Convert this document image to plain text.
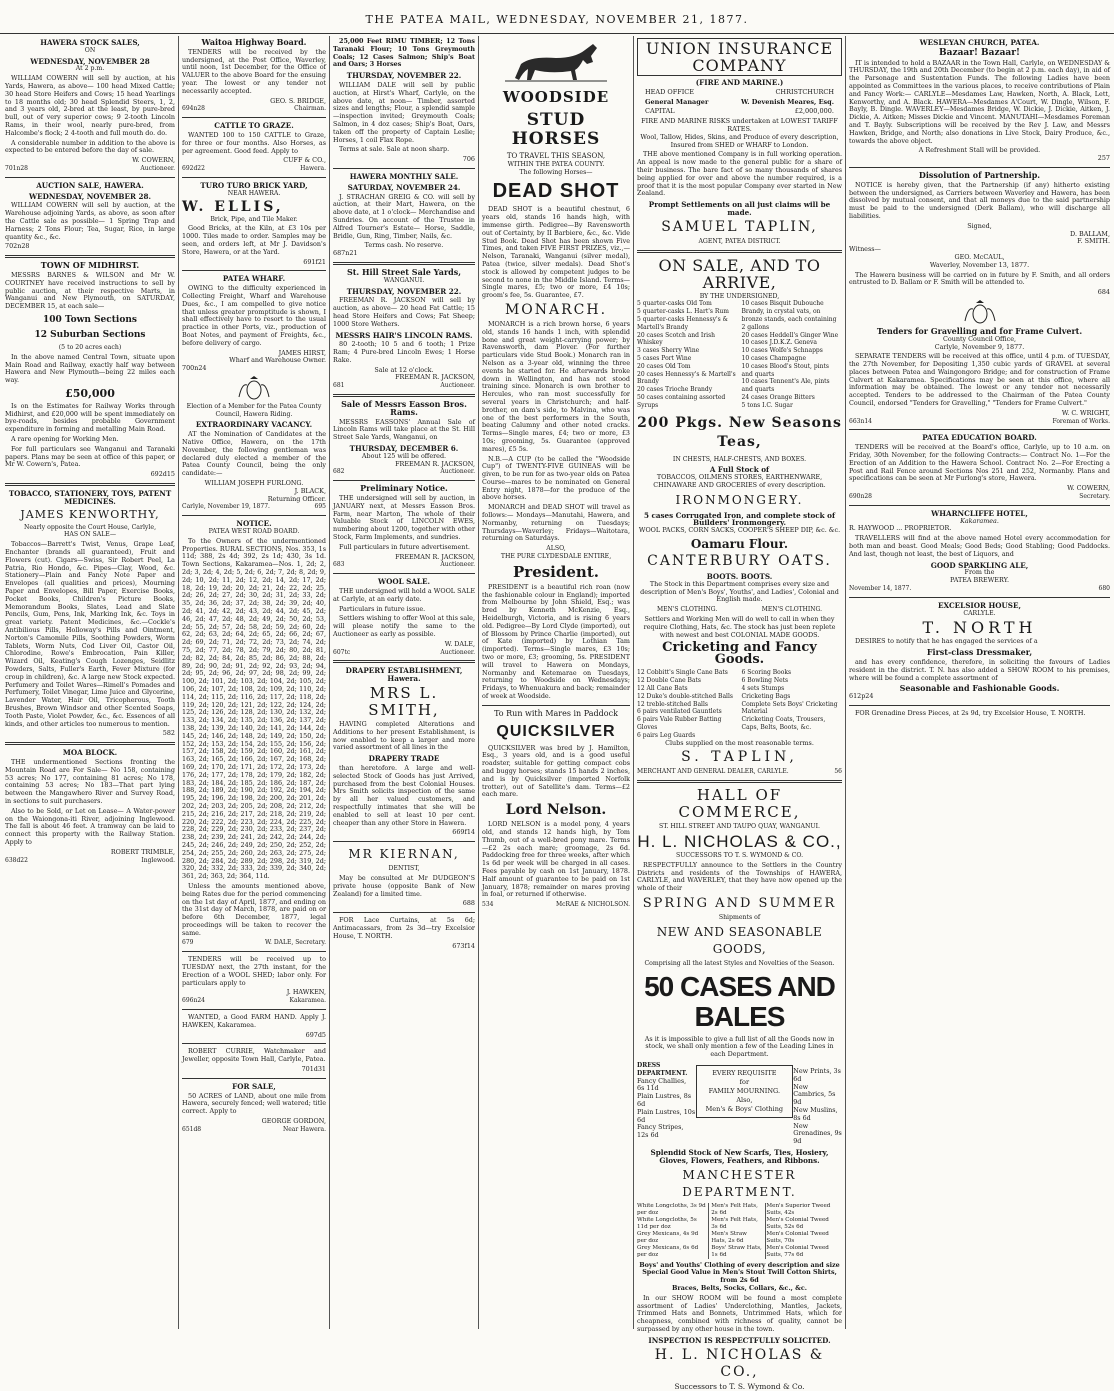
THE PATEA MAIL, WEDNESDAY, NOVEMBER 21, 1877.
HAWERA STOCK SALES,
ON
WEDNESDAY, NOVEMBER 28
At 2 p.m.
WILLIAM COWERN will sell by auction, at his Yards, Hawera, as above— 100 head Mixed Cattle; 30 head Store Heifers and Cows; 15 head Yearlings to 18 months old; 30 head Splendid Steers, 1, 2, and 3 years old, 2-bred at the least, by pure-bred bull, out of very superior cows; 9 2-tooth Lincoln Rams, in their wool, nearly pure-bred, from Halcombe's flock; 2 4-tooth and full mouth do. do.
A considerable number in addition to the above is expected to be entered before the day of sale.
W. COWERN,
701n28	Auctioneer.
AUCTION SALE, HAWERA.
WEDNESDAY, NOVEMBER 28.
WILLIAM COWERN will sell by auction, at the Warehouse adjoining Yards, as above, as soon after the Cattle sale as possible— 1 Spring Trap and Harness; 2 Tons Flour; Tea, Sugar, Rice, in large quantity &c., &c.
702n28
TOWN OF MIDHIRST.
MESSRS BARNES & WILSON and Mr W. COURTNEY have received instructions to sell by public auction, at their respective Marts, in Wanganui and New Plymouth, on SATURDAY, DECEMBER 15, at each sale—
100 Town Sections
12 Suburban Sections
(5 to 20 acres each)
In the above named Central Town, situate upon Main Road and Railway, exactly half way between Hawera and New Plymouth—being 22 miles each way.
£50,000
Is on the Estimates for Railway Works through Midhirst, and £20,000 will be spent immediately on bye-roads, besides probable Government expenditure in forming and metalling Main Road.
A rare opening for Working Men.
For full particulars see Wanganui and Taranaki papers. Plans may be seen at office of this paper, or Mr W. Cowern's, Patea.
692d15
TOBACCO, STATIONERY, TOYS, PATENT MEDICINES.
JAMES KENWORTHY,
Nearly opposite the Court House, Carlyle,
HAS ON SALE—
Tobaccos—Barrett's Twist, Venus, Grape Leaf, Enchanter (brands all guaranteed), Fruit and Flowers (cut). Cigars—Swiss, Sir Robert Peel, La Patria, Rio Hondo, &c. Pipes—Clay, Wood, &c. Stationery—Plain and Fancy Note Paper and Envelopes (all qualities and prices), Mourning Paper and Envelopes, Bill Paper, Exercise Books, Pocket Books, Children's Picture Books, Memorandum Books, Slates, Lead and Slate Pencils, Gum, Pens, Ink, Marking Ink, &c. Toys in great variety. Patent Medicines, &c.—Cockle's Antibilious Pills, Holloway's Pills and Ointment, Norton's Camomile Pills, Soothing Powders, Worm Tablets, Worm Nuts, Cod Liver Oil, Castor Oil, Chlorodine, Rowe's Embrocation, Pain Killer, Wizard Oil, Keating's Cough Lozenges, Seidlitz Powders, Salts, Fuller's Earth, Fever Mixture (for croup in children), &c. A large new Stock expected. Perfumery and Toilet Wares—Rimell's Pomades and Perfumery, Toilet Vinegar, Lime Juice and Glycerine, Lavender Water, Hair Oil, Tricopherous, Tooth Brushes, Brown Windsor and other Scented Soaps, Tooth Paste, Violet Powder, &c., &c. Essences of all kinds, and other articles too numerous to mention.
582
MOA BLOCK.
THE undermentioned Sections fronting the Mountain Road are For Sale— No 158, containing 53 acres; No 177, containing 81 acres; No 178, containing 53 acres; No 183—That part lying between the Mangawhero River and Survey Road, in sections to suit purchasers.
Also to be Sold, or Let on Lease— A Water-power on the Waiongona-iti River, adjoining Inglewood. The fall is about 46 feet. A tramway can be laid to connect this property with the Railway Station. Apply to
ROBERT TRIMBLE,
638d22	Inglewood.
Waitoa Highway Board.
TENDERS will be received by the undersigned, at the Post Office, Waverley, until noon, 1st December, for the Office of VALUER to the above Board for the ensuing year. The lowest or any tender not necessarily accepted.
GEO. S. BRIDGE,
694n28	Chairman.
CATTLE TO GRAZE.
WANTED 100 to 150 CATTLE to Graze, for three or four months. Also Horses, as per agreement. Good feed. Apply to
CUFF & CO.,
692d22	Hawera.
TURO TURO BRICK YARD,
NEAR HAWERA.
W. ELLIS,
Brick, Pipe, and Tile Maker.
Good Bricks, at the Kiln, at £3 10s per 1000. Tiles made to order. Samples may be seen, and orders left, at Mr J. Davidson's Store, Hawera, or at the Yard.
691f21
PATEA WHARF.
OWING to the difficulty experienced in Collecting Freight, Wharf and Warehouse Dues, &c., I am compelled to give notice that unless greater promptitude is shown, I shall effectively have to resort to the usual practice in other Ports, viz., production of Boat Notes, and payment of Freights, &c., before delivery of cargo.
JAMES HIRST,
Wharf and Warehouse Owner.
700n24
Election of a Member for the Patea County Council, Hawera Riding.
EXTRAORDINARY VACANCY.
AT the Nomination of Candidates at the Native Office, Hawera, on the 17th November, the following gentleman was declared duly elected a member of the Patea County Council, being the only candidate:—
WILLIAM JOSEPH FURLONG.
J. BLACK,
Returning Officer.
Carlyle, November 19, 1877.	695
NOTICE.
PATEA WEST ROAD BOARD.
To the Owners of the undermentioned Properties. RURAL SECTIONS, Nos. 353, 1s 11d; 388, 2s 4d; 392, 2s 1d; 430, 3s 1d. Town Sections, Kakaramea—Nos. 1, 2d; 2, 2d; 3, 2d; 4, 2d; 5, 2d; 6, 2d; 7, 2d; 8, 2d; 9, 2d; 10, 2d; 11, 2d; 12, 2d; 14, 2d; 17, 2d; 18, 2d; 19, 2d; 20, 2d; 21, 2d; 22, 2d; 25, 2d; 26, 2d; 27, 2d; 30, 2d; 31, 2d; 33, 2d; 35, 2d; 36, 2d; 37, 2d; 38, 2d; 39, 2d; 40, 2d; 41, 2d; 42, 2d; 43, 2d; 44, 2d; 45, 2d; 46, 2d; 47, 2d; 48, 2d; 49, 2d; 50, 2d; 53, 2d; 55, 2d; 57, 2d; 58, 2d; 59, 2d; 60, 2d; 62, 2d; 63, 2d; 64, 2d; 65, 2d; 66, 2d; 67, 2d; 69, 2d; 71, 2d; 72, 2d; 73, 2d; 74, 2d; 75, 2d; 77, 2d; 78, 2d; 79, 2d; 80, 2d; 81, 2d; 82, 2d; 84, 2d; 85, 2d; 86, 2d; 88, 2d; 89, 2d; 90, 2d; 91, 2d; 92, 2d; 93, 2d; 94, 2d; 95, 2d; 96, 2d; 97, 2d; 98, 2d; 99, 2d; 100, 2d; 101, 2d; 103, 2d; 104, 2d; 105, 2d; 106, 2d; 107, 2d; 108, 2d; 109, 2d; 110, 2d; 114, 2d; 115, 2d; 116, 2d; 117, 2d; 118, 2d; 119, 2d; 120, 2d; 121, 2d; 122, 2d; 124, 2d; 125, 2d; 126, 2d; 128, 2d; 130, 2d; 132, 2d; 133, 2d; 134, 2d; 135, 2d; 136, 2d; 137, 2d; 138, 2d; 139, 2d; 140, 2d; 141, 2d; 144, 2d; 145, 2d; 146, 2d; 148, 2d; 149, 2d; 150, 2d; 152, 2d; 153, 2d; 154, 2d; 155, 2d; 156, 2d; 157, 2d; 158, 2d; 159, 2d; 160, 2d; 161, 2d; 163, 2d; 165, 2d; 166, 2d; 167, 2d; 168, 2d; 169, 2d; 170, 2d; 171, 2d; 172, 2d; 173, 2d; 176, 2d; 177, 2d; 178, 2d; 179, 2d; 182, 2d; 183, 2d; 184, 2d; 185, 2d; 186, 2d; 187, 2d; 188, 2d; 189, 2d; 190, 2d; 192, 2d; 194, 2d; 195, 2d; 196, 2d; 198, 2d; 200, 2d; 201, 2d; 202, 2d; 203, 2d; 205, 2d; 208, 2d; 212, 2d; 215, 2d; 216, 2d; 217, 2d; 218, 2d; 219, 2d; 220, 2d; 222, 2d; 223, 2d; 224, 2d; 225, 2d; 228, 2d; 229, 2d; 230, 2d; 233, 2d; 237, 2d; 238, 2d; 239, 2d; 241, 2d; 242, 2d; 244, 2d; 245, 2d; 246, 2d; 249, 2d; 250, 2d; 252, 2d; 254, 2d; 255, 2d; 260, 2d; 263, 2d; 275, 2d; 280, 2d; 284, 2d; 289, 2d; 298, 2d; 319, 2d; 320, 2d; 332, 2d; 333, 2d; 339, 2d; 340, 2d; 361, 2d; 363, 2d; 364, 11d.
Unless the amounts mentioned above, being Rates due for the period commencing on the 1st day of April, 1877, and ending on the 31st day of March, 1878, are paid on or before 6th December, 1877, legal proceedings will be taken to recover the same.
679	W. DALE, Secretary.
TENDERS will be received up to TUESDAY next, the 27th instant, for the Erection of a WOOL SHED; labor only. For particulars apply to
J. HAWKEN,
696n24	Kakaramea.
WANTED, a Good FARM HAND. Apply J. HAWKEN, Kakaramea.
697d5
ROBERT CURRIE, Watchmaker and Jeweller, opposite Town Hall, Carlyle, Patea.
701d31
FOR SALE,
50 ACRES of LAND, about one mile from Hawera, securely fenced; well watered; title correct. Apply to
GEORGE GORDON,
651d8	Near Hawera.
25,000 Feet RIMU TIMBER; 12 Tons Taranaki Flour; 10 Tons Greymouth Coals; 12 Cases Salmon; Ship's Boat and Oars; 3 Horses
THURSDAY, NOVEMBER 22.
WILLIAM DALE will sell by public auction, at Hirst's Wharf, Carlyle, on the above date, at noon— Timber, assorted sizes and lengths; Flour, a splendid sample—inspection invited; Greymouth Coals; Salmon, in 4 doz cases; Ship's Boat, Oars, taken off the property of Captain Leslie; Horses, 1 coil Flax Rope.
Terms at sale. Sale at noon sharp.
706
HAWERA MONTHLY SALE.
SATURDAY, NOVEMBER 24.
J. STRACHAN GREIG & CO. will sell by auction, at their Mart, Hawera, on the above date, at 1 o'clock— Merchandise and Sundries. On account of the Trustee in Alfred Tourner's Estate— Horse, Saddle, Bridle, Gun, Ring, Timber, Nails, &c.
Terms cash. No reserve.
687n21
St. Hill Street Sale Yards,
WANGANUI.
THURSDAY, NOVEMBER 22.
FREEMAN R. JACKSON will sell by auction, as above— 20 head Fat Cattle; 15 head Store Heifers and Cows; Fat Sheep; 1000 Store Wethers.
MESSRS HAIR'S LINCOLN RAMS.
80 2-tooth; 10 5 and 6 tooth; 1 Prize Ram; 4 Pure-bred Lincoln Ewes; 1 Horse Rake.
Sale at 12 o'clock.
FREEMAN R. JACKSON,
681	Auctioneer.
Sale of Messrs Easson Bros. Rams.
MESSRS EASSONS' Annual Sale of Lincoln Rams will take place at the St. Hill Street Sale Yards, Wanganui, on
THURSDAY, DECEMBER 6.
About 125 will be offered.
FREEMAN R. JACKSON,
682	Auctioneer.
Preliminary Notice.
THE undersigned will sell by auction, in JANUARY next, at Messrs Easson Bros. Farm, near Marton, The whole of their Valuable Stock of LINCOLN EWES, numbering about 1200, together with other Stock, Farm Implements, and sundries.
Full particulars in future advertisement.
FREEMAN R. JACKSON,
683	Auctioneer.
WOOL SALE.
THE undersigned will hold a WOOL SALE at Carlyle, at an early date.
Particulars in future issue.
Settlers wishing to offer Wool at this sale, will please notify the same to the Auctioneer as early as possible.
W. DALE,
607tc	Auctioneer.
DRAPERY ESTABLISHMENT, Hawera.
MRS L. SMITH,
HAVING completed Alterations and Additions to her present Establishment, is now enabled to keep a larger and more varied assortment of all lines in the
DRAPERY TRADE
than heretofore. A large and well-selected Stock of Goods has just Arrived, purchased from the best Colonial Houses. Mrs Smith solicits inspection of the same by all her valued customers, and respectfully intimates that she will be enabled to sell at least 10 per cent. cheaper than any other Store in Hawera.
669f14
MR KIERNAN,
DENTIST,
May be consulted at Mr DUDGEON'S private house (opposite Bank of New Zealand) for a limited time.
688
FOR Lace Curtains, at 5s 6d; Antimacassars, from 2s 3d—try Excelsior House, T. NORTH.
673f14
WOODSIDE
STUD HORSES
TO TRAVEL THIS SEASON,
WITHIN THE PATEA COUNTY.
The following Horses—
DEAD SHOT
DEAD SHOT is a beautiful chestnut, 6 years old, stands 16 hands high, with immense girth. Pedigree—By Ravensworth out of Certainty, by II Barbiere, &c., &c. Vide Stud Book. Dead Shot has been shown Five Times, and taken FIVE FIRST PRIZES, viz.,—Nelson, Taranaki, Wanganui (silver medal), Patea (twice, silver medals). Dead Shot's stock is allowed by competent judges to be second to none in the Middle Island. Terms—Single mares, £5; two or more, £4 10s; groom's fee, 5s. Guarantee, £7.
MONARCH.
MONARCH is a rich brown horse, 6 years old, stands 16 hands 1 inch, with splendid bone and great weight-carrying power; by Ravensworth, dam Plover. (For further particulars vide Stud Book.) Monarch ran in Nelson as a 3-year old, winning the three events he started for. He afterwards broke down in Wellington, and has not stood training since. Monarch is own brother to Hercules, who ran most successfully for several years in Christchurch; and half-brother, on dam's side, to Malvina, who was one of the best performers in the South, beating Calumny and other noted cracks. Terms—Single mares, £4; two or more, £3 10s; grooming, 5s. Guarantee (approved mares), £5 5s.
N.B.—A CUP (to be called the "Woodside Cup") of TWENTY-FIVE GUINEAS will be given, to be run for as two-year olds on Patea Course—mares to be nominated on General Entry night, 1878—for the produce of the above horses.
MONARCH and DEAD SHOT will travel as follows:— Mondays—Manutahi, Hawera, and Normanby, returning on Tuesdays; Thursdays—Waverley; Fridays—Waitotara, returning on Saturdays.
ALSO,
THE PURE CLYDESDALE ENTIRE,
President.
PRESIDENT is a beautiful rich roan (now the fashionable colour in England); imported from Melbourne by John Shield, Esq.; was bred by Kenneth McKenzie, Esq., Heidelburgh, Victoria, and is rising 6 years old. Pedigree—By Lord Clyde (imported), out of Blossom by Prince Charlie (imported), out of Kate (imported) by Lothian Tam (imported). Terms—Single mares, £3 10s; two or more, £3; grooming, 5s. PRESIDENT will travel to Hawera on Mondays, Normanby and Ketemarae on Tuesdays, returning to Woodside on Wednesdays; Fridays, to Whenuakura and back; remainder of week at Woodside.
To Run with Mares in Paddock
QUICKSILVER
QUICKSILVER was bred by J. Hamilton, Esq., 3 years old, and is a good useful roadster, suitable for getting compact cobs and buggy horses; stands 15 hands 2 inches, and is by Quicksilver (imported Norfolk trotter), out of Satellite's dam. Terms—£2 each mare.
Lord Nelson.
LORD NELSON is a model pony, 4 years old, and stands 12 hands high, by Tom Thumb, out of a well-bred pony mare. Terms—£2 2s each mare; groomage, 2s 6d. Paddocking free for three weeks, after which 1s 6d per week will be charged in all cases. Fees payable by cash on 1st January, 1878. Half amount of guarantee to be paid on 1st January, 1878; remainder on mares proving in foal, or returned if otherwise.
534	McRAE & NICHOLSON.
UNION INSURANCE COMPANY
(FIRE AND MARINE.)
HEAD OFFICE	CHRISTCHURCH
General Manager	W. Devenish Meares, Esq.
CAPITAL	£2,000,000.
FIRE AND MARINE RISKS undertaken at LOWEST TARIFF RATES.
Wool, Tallow, Hides, Skins, and Produce of every description, Insured from SHED or WHARF to London.
THE above mentioned Company is in full working operation. An appeal is now made to the general public for a share of their business. The bare fact of so many thousands of shares being applied for over and above the number required, is a proof that it is the most popular Company ever started in New Zealand.
Prompt Settlements on all just claims will be made.
SAMUEL TAPLIN,
AGENT, PATEA DISTRICT.
ON SALE, AND TO ARRIVE,
BY THE UNDERSIGNED,
5 quarter-casks Old Tom
5 quarter-casks L. Hart's Rum
5 quarter-casks Hennessy's & Martell's Brandy
20 cases Scotch and Irish Whiskey
3 cases Sherry Wine
5 cases Port Wine
20 cases Old Tom
20 cases Hennessy's & Martell's Brandy
20 cases Trioche Brandy
50 cases containing assorted Syrups
10 cases Bisquit Dubouche Brandy, in crystal vats, on bronze stands, each containing 2 gallons
20 cases Heddell's Ginger Wine
10 cases J.D.K.Z. Geneva
10 cases Wolfe's Schnapps
10 cases Champagne
10 cases Blood's Stout, pints and quarts
10 cases Tennent's Ale, pints and quarts
24 cases Orange Bitters
5 tons I.C. Sugar
200 Pkgs. New Seasons Teas,
IN CHESTS, HALF-CHESTS, AND BOXES.
A Full Stock of
TOBACCOS, OILMENS STORES, EARTHENWARE, CHINAWARE AND GROCERIES of every description.
IRONMONGERY.
5 cases Corrugated Iron, and complete stock of Builders' Ironmongery.
WOOL PACKS, CORN SACKS, COOPER'S SHEEP DIP, &c. &c.
Oamaru Flour.
CANTERBURY OATS.
BOOTS. BOOTS.
The Stock in this Department comprises every size and description of Men's Boys', Youths', and Ladies', Colonial and English made.
MEN'S CLOTHING.	MEN'S CLOTHING.
Settlers and Working Men will do well to call in when they require Clothing, Hats, &c. The stock has just been replete with newest and best COLONIAL MADE GOODS.
Cricketing and Fancy Goods.
12 Cobbitt's Single Cane Bats
12 Double Cane Bats
12 All Cane Bats
12 Duke's double-stitched Balls
12 treble-stitched Balls
6 pairs ventilated Gauntlets
6 pairs Vale Rubber Batting Gloves
6 pairs Leg Guards
6 Scoring Books
6 Bowling Nets
4 sets Stumps
Cricketing Bags
Complete Sets Boys' Cricketing Material
Cricketing Coats, Trousers, Caps, Belts, Boots, &c.
Clubs supplied on the most reasonable terms.
S. TAPLIN,
MERCHANT AND GENERAL DEALER, CARLYLE.	56
HALL OF COMMERCE,
ST. HILL STREET AND TAUPO QUAY, WANGANUI.
H. L. NICHOLAS & CO.,
SUCCESSORS TO T. S. WYMOND & CO.
RESPECTFULLY announce to the Settlers in the Country Districts and residents of the Townships of HAWERA, CARLYLE, and WAVERLEY, that they have now opened up the whole of their
SPRING AND SUMMER
Shipments of
NEW AND SEASONABLE GOODS,
Comprising all the latest Styles and Novelties of the Season.
50 CASES AND BALES
As it is impossible to give a full list of all the Goods now in stock, we shall only mention a few of the Leading Lines in each Department.
DRESS DEPARTMENT.
Fancy Challies, 6s 11d
Plain Lustres, 8s 6d
Plain Lustres, 10s 6d
Fancy Stripes, 12s 6d
EVERY REQUISITE
for
FAMILY MOURNING.
Also,
Men's & Boys' Clothing
New Prints, 3s 6d
New Cambrics, 5s 9d
New Muslins, 8s 6d
New Grenadines, 9s 9d
Splendid Stock of New Scarfs, Ties, Hosiery, Gloves, Flowers, Feathers, and Ribbons.
MANCHESTER DEPARTMENT.
White Longcloths, 3s 9d per doz
White Longcloths, 5s 11d per doz
Grey Mexicans, 4s 9d per doz
Grey Mexicans, 6s 6d per doz
Men's Felt Hats, 2s 6d
Men's Felt Hats, 3s 6d
Men's Straw Hats, 2s 6d
Boys' Straw Hats, 1s 6d
Men's Superior Tweed Suits, 42s
Men's Colonial Tweed Suits, 52s 6d
Men's Colonial Tweed Suits, 70s
Men's Colonial Tweed Suits, 77s 6d
Boys' and Youths' Clothing of every description and size
Special Good Value in Men's Stout Twill Cotton Shirts, from 2s 6d
Braces, Belts, Socks, Collars, &c., &c.
In our SHOW ROOM will be found a most complete assortment of Ladies' Underclothing, Mantles, Jackets, Trimmed Hats and Bonnets, Untrimmed Hats, which for cheapness, combined with richness of quality, cannot be surpassed by any other house in the town.
INSPECTION IS RESPECTFULLY SOLICITED.
H. L. NICHOLAS & CO.,
Successors to T. S. Wymond & Co.
WESLEYAN CHURCH, PATEA.
Bazaar! Bazaar!
IT is intended to hold a BAZAAR in the Town Hall, Carlyle, on WEDNESDAY & THURSDAY, the 19th and 20th December (to begin at 2 p.m. each day), in aid of the Parsonage and Sustentation Funds. The following Ladies have been appointed as Committees in the various places, to receive contributions of Plain and Fancy Work:— CARLYLE—Mesdames Law, Hawken, North, A. Black, Lett, Kenworthy, and A. Black. HAWERA—Mesdames A'Court, W. Dingle, Wilson, F. Bayly, B. Dingle. WAVERLEY—Mesdames Bridge, W. Dickie, J. Dickie, Aitken, J. Dickie, A. Aitken; Misses Dickie and Vincent. MANUTAHI—Mesdames Foreman and T. Bayly. Subscriptions will be received by the Rev J. Law, and Messrs Hawken, Bridge, and North; also donations in Live Stock, Dairy Produce, &c., towards the above object.
A Refreshment Stall will be provided.
257
Dissolution of Partnership.
NOTICE is hereby given, that the Partnership (if any) hitherto existing between the undersigned, as Carriers between Waverley and Hawera, has been dissolved by mutual consent, and that all moneys due to the said partnership must be paid to the undersigned (Derk Ballam), who will discharge all liabilities.
Signed,
D. BALLAM,
F. SMITH.
Witness—
GEO. McCAUL,
Waverley, November 13, 1877.
The Hawera business will be carried on in future by F. Smith, and all orders entrusted to D. Ballam or F. Smith will be attended to.
684
Tenders for Gravelling and for Frame Culvert.
County Council Office,
Carlyle, November 9, 1877.
SEPARATE TENDERS will be received at this office, until 4 p.m. of TUESDAY, the 27th November, for Depositing 1,350 cubic yards of GRAVEL at several places between Patea and Waingongoro Bridge; and for construction of Frame Culvert at Kakaramea. Specifications may be seen at this office, where all information may be obtained. The lowest or any tender not necessarily accepted. Tenders to be addressed to the Chairman of the Patea County Council, endorsed "Tenders for Gravelling," "Tenders for Frame Culvert."
W. C. WRIGHT,
663n14	Foreman of Works.
PATEA EDUCATION BOARD.
TENDERS will be received at the Board's office, Carlyle, up to 10 a.m. on Friday, 30th November, for the following Contracts:— Contract No. 1—For the Erection of an Addition to the Hawera School. Contract No. 2—For Erecting a Post and Rail Fence around Sections Nos 251 and 252, Normanby. Plans and specifications can be seen at Mr Furlong's store, Hawera.
W. COWERN,
690n28	Secretary.
WHARNCLIFFE HOTEL,
Kakaramea.
R. HAYWOOD ... PROPRIETOR.
TRAVELLERS will find at the above named Hotel every accommodation for both man and beast. Good Meals; Good Beds; Good Stabling; Good Paddocks. And last, though not least, the best of Liquors, and
GOOD SPARKLING ALE,
From the
PATEA BREWERY.
November 14, 1877.	680
EXCELSIOR HOUSE,
CARLYLE.
T. NORTH
DESIRES to notify that he has engaged the services of a
First-class Dressmaker,
and has every confidence, therefore, in soliciting the favours of Ladies resident in the district. T. N. has also added a SHOW ROOM to his premises, where will be found a complete assortment of
Seasonable and Fashionable Goods.
612p24
FOR Grenadine Dress Pieces, at 2s 9d, try Excelsior House, T. NORTH.
